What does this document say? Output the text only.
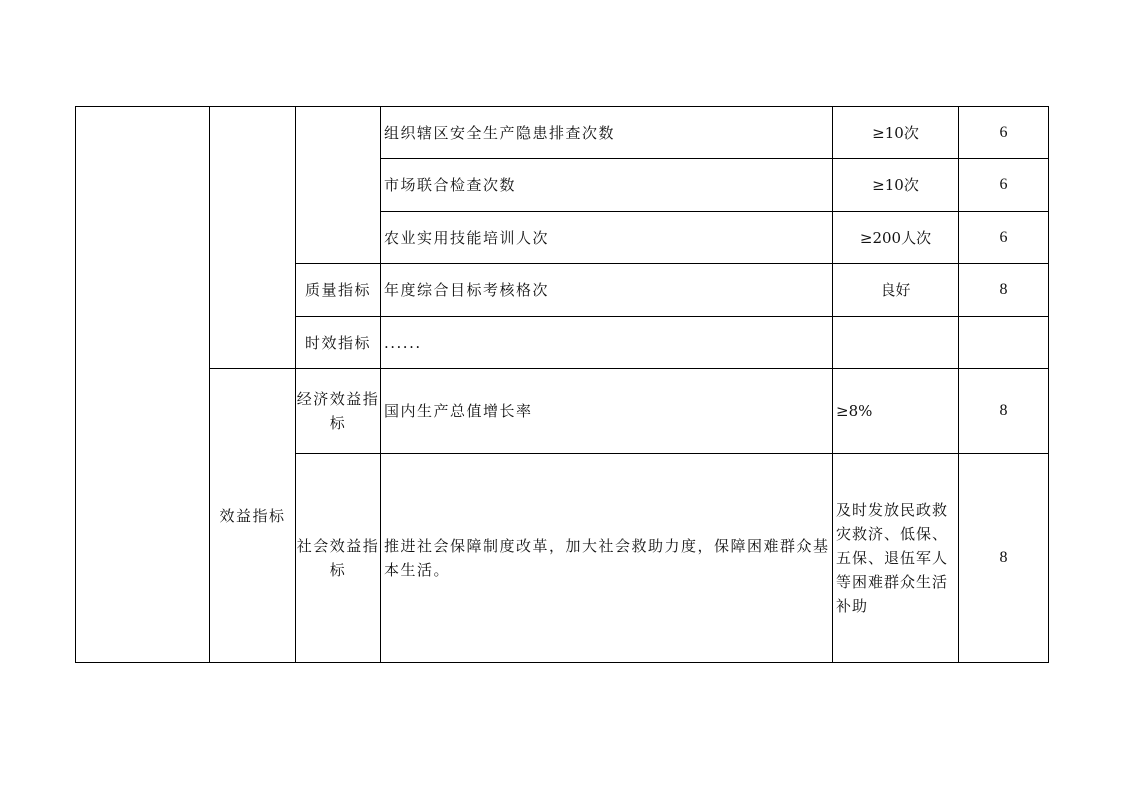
			组织辖区安全生产隐患排查次数	≥10次	6
			市场联合检查次数	≥10次	6
			农业实用技能培训人次	≥200人次	6
		质量指标	年度综合目标考核格次	良好	8
		时效指标	......		
	效益指标	经济效益指标	国内生产总值增长率	≥8%	8
		社会效益指标	推进社会保障制度改革，加大社会救助力度，保障困难群众基本生活。	及时发放民政救灾救济、低保、五保、退伍军人等困难群众生活补助	8
